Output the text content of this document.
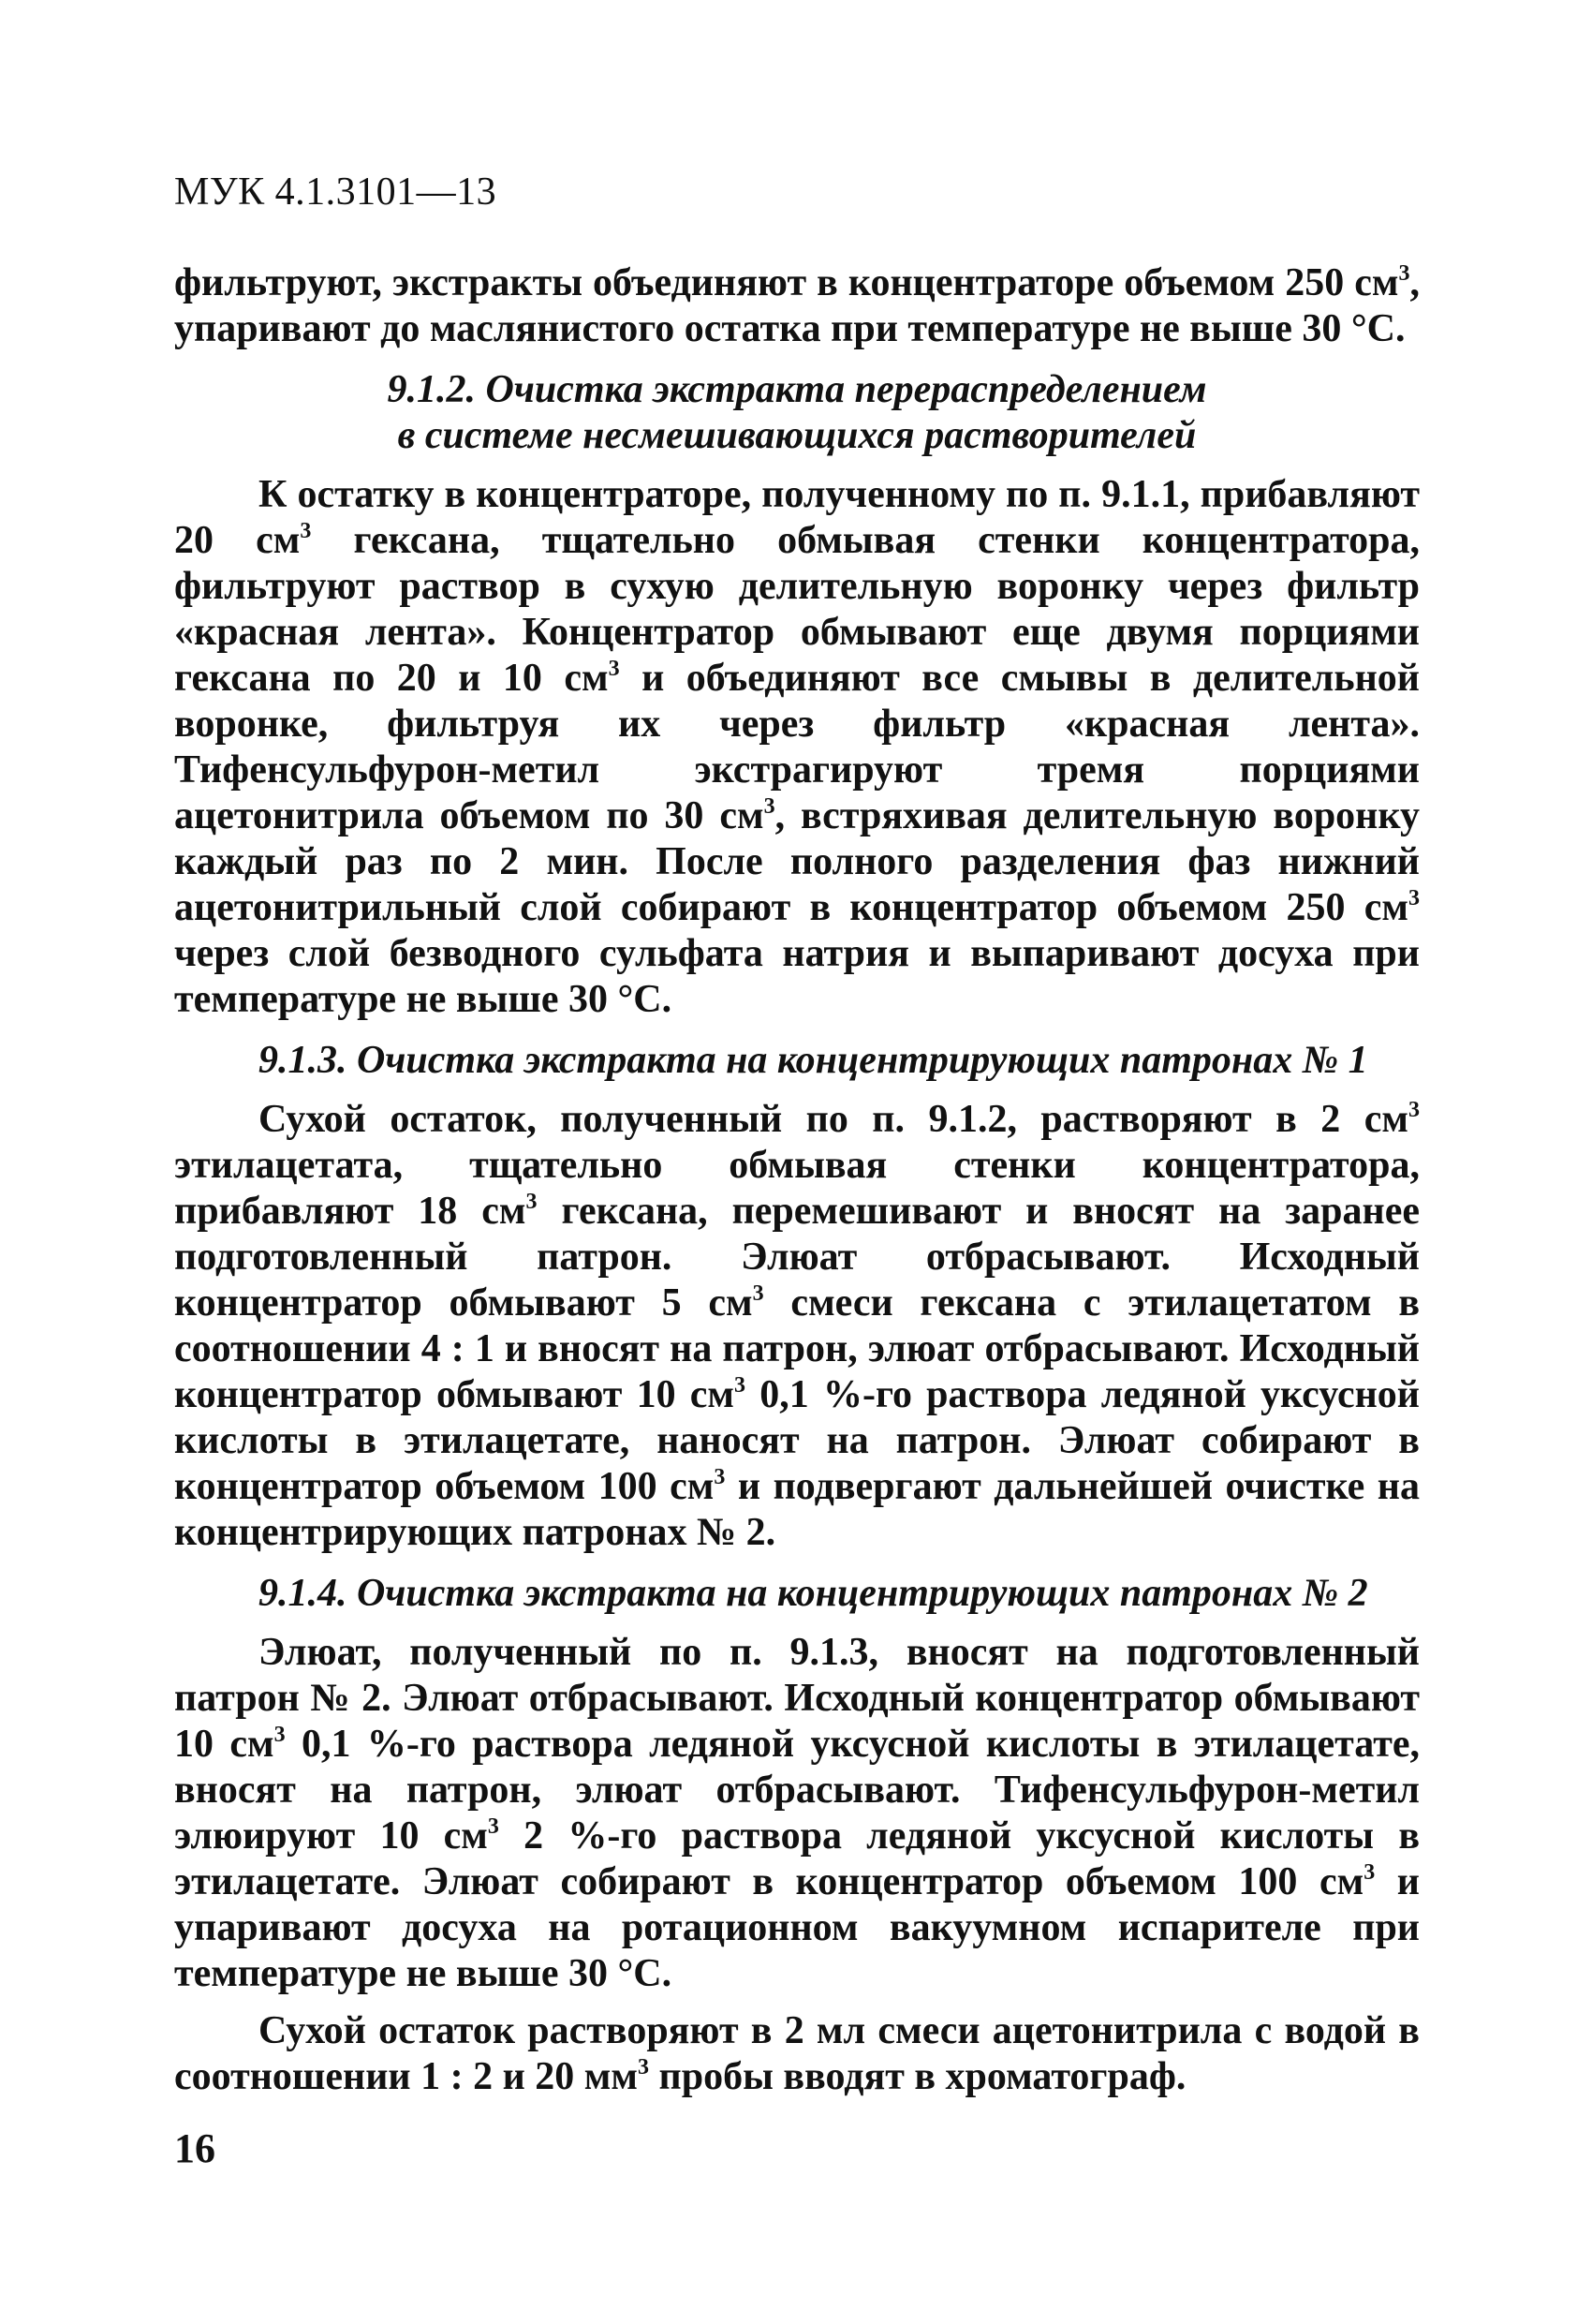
МУК 4.1.3101—13

фильтруют, экстракты объединяют в концентраторе объемом 250 $см^3$, упаривают до маслянистого остатка при температуре не выше 30 °С.

9.1.2. Очистка экстракта перераспределением
в системе несмешивающихся растворителей

К остатку в концентраторе, полученному по п. 9.1.1, прибавляют 20 $см^3$ гексана, тщательно обмывая стенки концентратора, фильтруют раствор в сухую делительную воронку через фильтр «красная лента». Концентратор обмывают еще двумя порциями гексана по 20 и 10 $см^3$ и объединяют все смывы в делительной воронке, фильтруя их через фильтр «красная лента». Тифенсульфурон-метил экстрагируют тремя порциями ацетонитрила объемом по 30 $см^3$, встряхивая делительную воронку каждый раз по 2 мин. После полного разделения фаз нижний ацетонитрильный слой собирают в концентратор объемом 250 $см^3$ через слой безводного сульфата натрия и выпаривают досуха при температуре не выше 30 °С.

9.1.3. Очистка экстракта на концентрирующих патронах № 1

Сухой остаток, полученный по п. 9.1.2, растворяют в 2 $см^3$ этилацетата, тщательно обмывая стенки концентратора, прибавляют 18 $см^3$ гексана, перемешивают и вносят на заранее подготовленный патрон. Элюат отбрасывают. Исходный концентратор обмывают 5 $см^3$ смеси гексана с этилацетатом в соотношении 4 : 1 и вносят на патрон, элюат отбрасывают. Исходный концентратор обмывают 10 $см^3$ 0,1 %-го раствора ледяной уксусной кислоты в этилацетате, наносят на патрон. Элюат собирают в концентратор объемом 100 $см^3$ и подвергают дальнейшей очистке на концентрирующих патронах № 2.

9.1.4. Очистка экстракта на концентрирующих патронах № 2

Элюат, полученный по п. 9.1.3, вносят на подготовленный патрон № 2. Элюат отбрасывают. Исходный концентратор обмывают 10 $см^3$ 0,1 %-го раствора ледяной уксусной кислоты в этилацетате, вносят на патрон, элюат отбрасывают. Тифенсульфурон-метил элюируют 10 $см^3$ 2 %-го раствора ледяной уксусной кислоты в этилацетате. Элюат собирают в концентратор объемом 100 $см^3$ и упаривают досуха на ротационном вакуумном испарителе при температуре не выше 30 °С.

Сухой остаток растворяют в 2 мл смеси ацетонитрила с водой в соотношении 1 : 2 и 20 $мм^3$ пробы вводят в хроматограф.

16
